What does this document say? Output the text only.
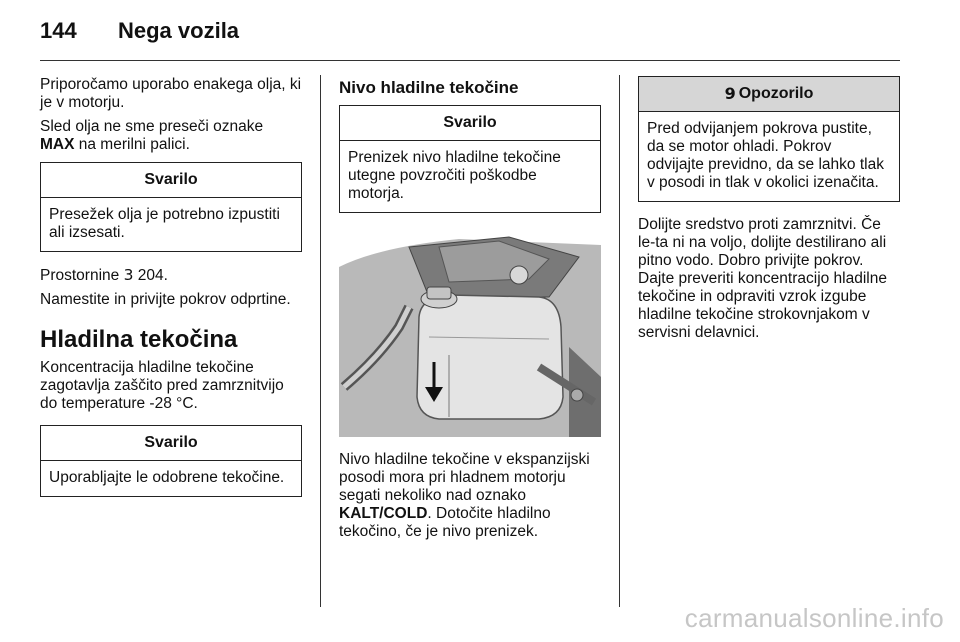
144	Nega vozila

Priporočamo uporabo enakega olja, ki je v motorju.

Sled olja ne sme preseči oznake
MAX na merilni palici.

Svarilo
Presežek olja je potrebno izpustiti ali izsesati.

Prostornine 3 204.

Namestite in privijte pokrov odprtine.

Hladilna tekočina

Koncentracija hladilne tekočine zagotavlja zaščito pred zamrznitvijo do temperature -28 °C.

Svarilo
Uporabljajte le odobrene tekočine.
Nivo hladilne tekočine
Svarilo
Prenizek nivo hladilne tekočine utegne povzročiti poškodbe motorja.

Nivo hladilne tekočine v ekspanzijski posodi mora pri hladnem motorju segati nekoliko nad oznako
KALT/COLD. Dotočite hladilno tekočino, če je nivo prenizek.

9 Opozorilo
Pred odvijanjem pokrova pustite, da se motor ohladi. Pokrov odvijajte previdno, da se lahko tlak v posodi in tlak v okolici izenačita.

Dolijte sredstvo proti zamrznitvi. Če le-ta ni na voljo, dolijte destilirano ali pitno vodo. Dobro privijte pokrov. Dajte preveriti koncentracijo hladilne tekočine in odpraviti vzrok izgube hladilne tekočine strokovnjakom v servisni delavnici.

carmanualsonline.info
